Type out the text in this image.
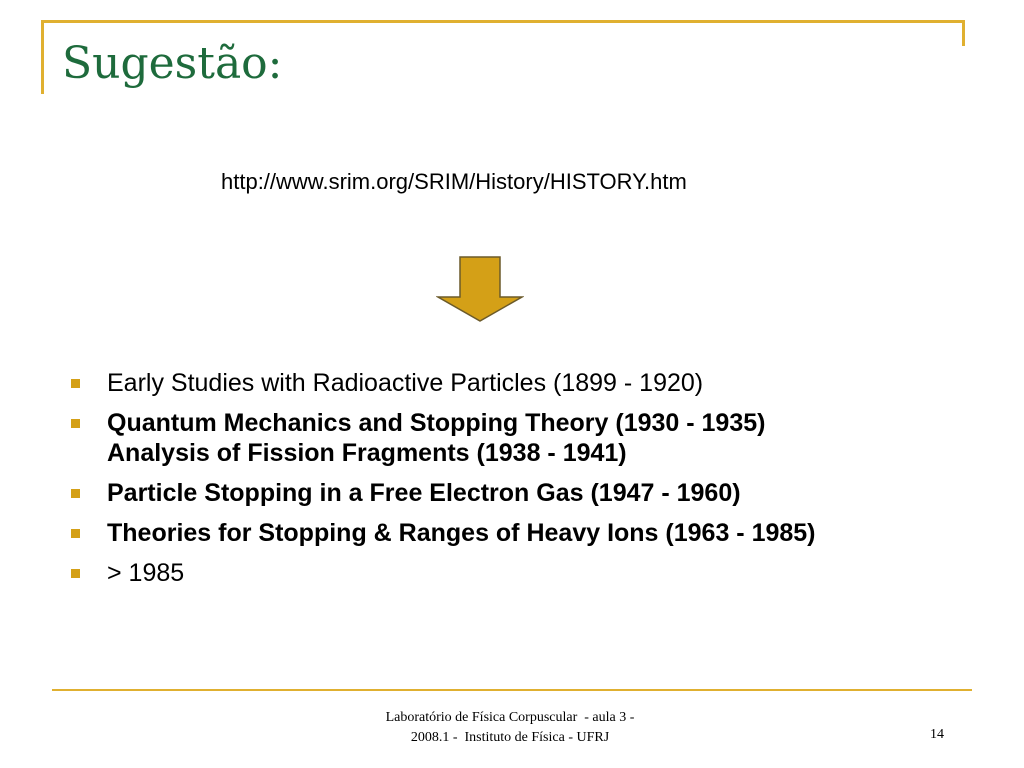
Sugestão:
http://www.srim.org/SRIM/History/HISTORY.htm
Early Studies with Radioactive Particles (1899 - 1920)
Quantum Mechanics and Stopping Theory (1930 - 1935)
Analysis of Fission Fragments (1938 - 1941)
Particle Stopping in a Free Electron Gas (1947 - 1960)
Theories for Stopping & Ranges of Heavy Ions (1963 - 1985)
> 1985
Laboratório de Física Corpuscular  - aula 3 -
2008.1 -  Instituto de Física - UFRJ	14
